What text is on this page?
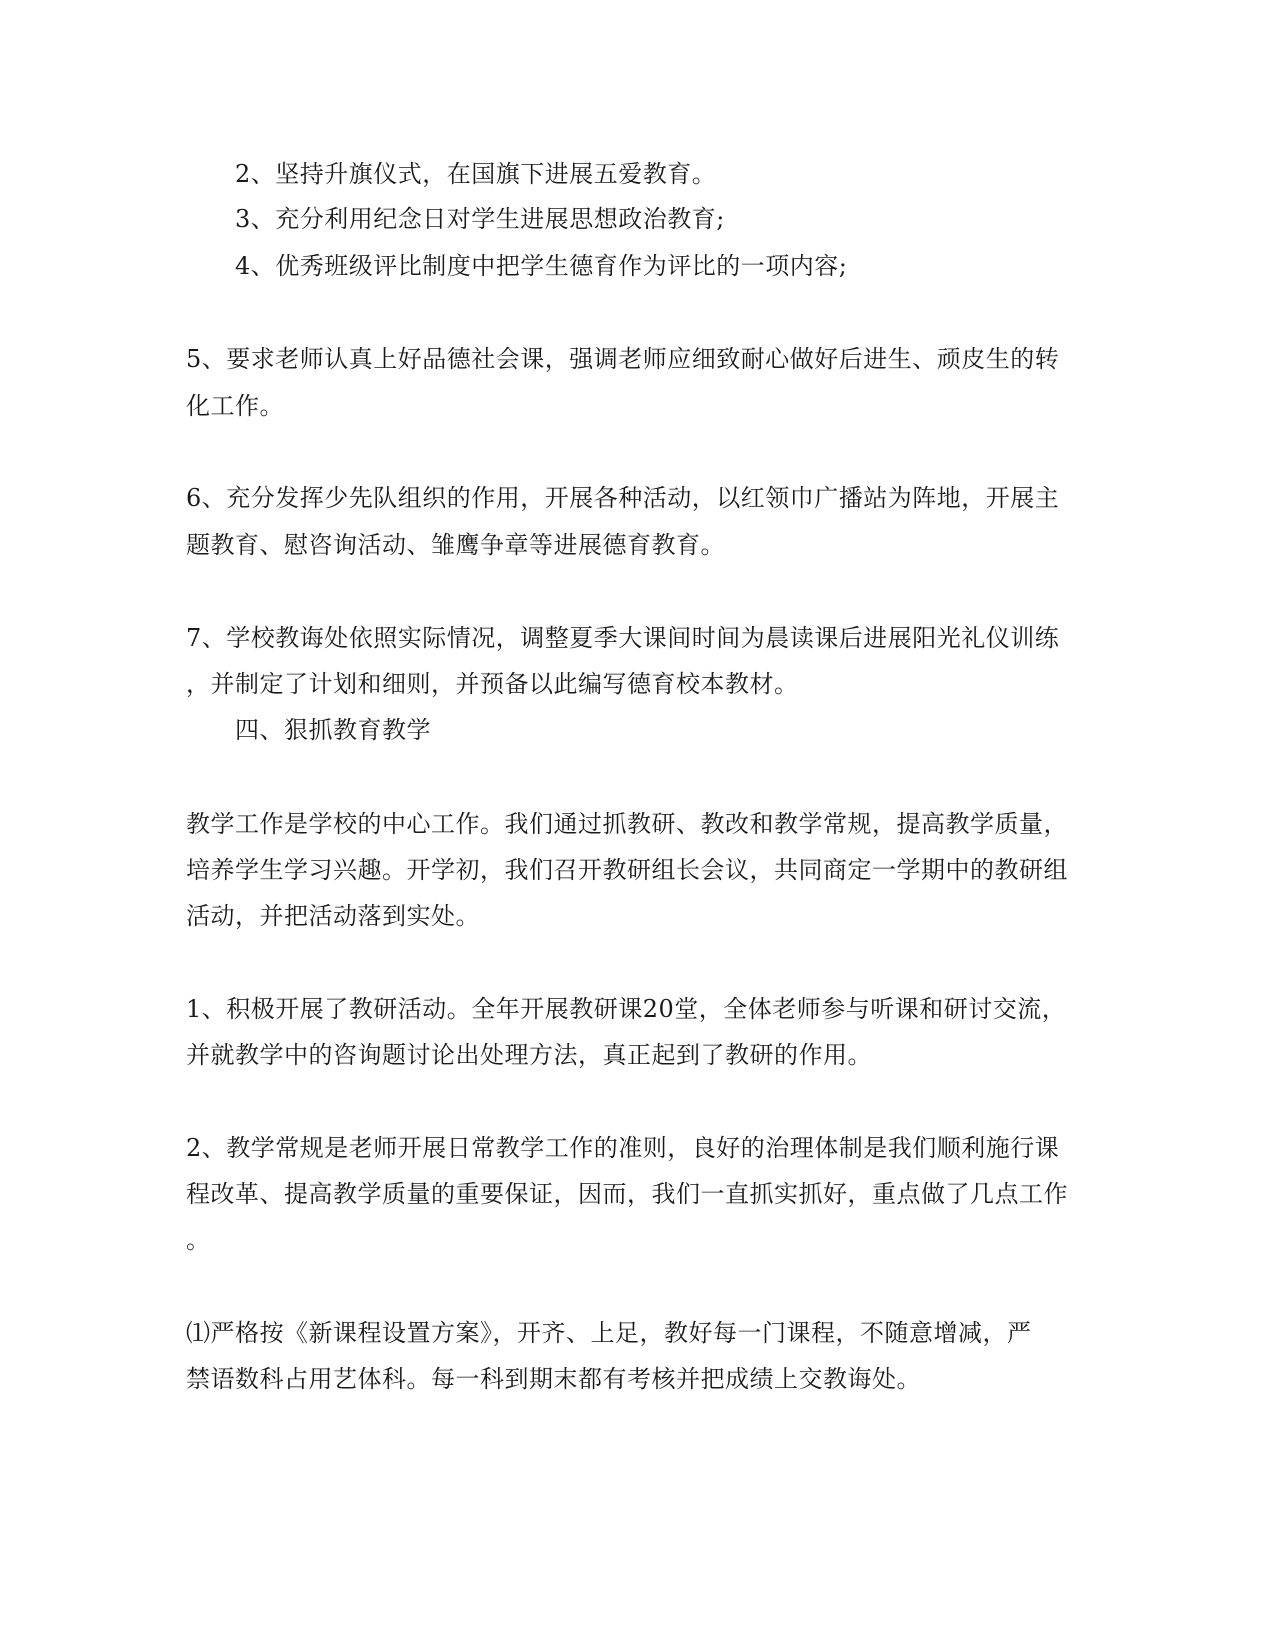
2、坚持升旗仪式，在国旗下进展五爱教育。
3、充分利用纪念日对学生进展思想政治教育;
4、优秀班级评比制度中把学生德育作为评比的一项内容;
5、要求老师认真上好品德社会课，强调老师应细致耐心做好后进生、顽皮生的转
化工作。
6、充分发挥少先队组织的作用，开展各种活动，以红领巾广播站为阵地，开展主
题教育、慰咨询活动、雏鹰争章等进展德育教育。
7、学校教诲处依照实际情况，调整夏季大课间时间为晨读课后进展阳光礼仪训练
，并制定了计划和细则，并预备以此编写德育校本教材。
四、狠抓教育教学
教学工作是学校的中心工作。我们通过抓教研、教改和教学常规，提高教学质量，
培养学生学习兴趣。开学初，我们召开教研组长会议，共同商定一学期中的教研组
活动，并把活动落到实处。
1、积极开展了教研活动。全年开展教研课20堂，全体老师参与听课和研讨交流，
并就教学中的咨询题讨论出处理方法，真正起到了教研的作用。
2、教学常规是老师开展日常教学工作的准则，良好的治理体制是我们顺利施行课
程改革、提高教学质量的重要保证，因而，我们一直抓实抓好，重点做了几点工作
。
⑴严格按《新课程设置方案》，开齐、上足，教好每一门课程，不随意增减，严
禁语数科占用艺体科。每一科到期末都有考核并把成绩上交教诲处。
